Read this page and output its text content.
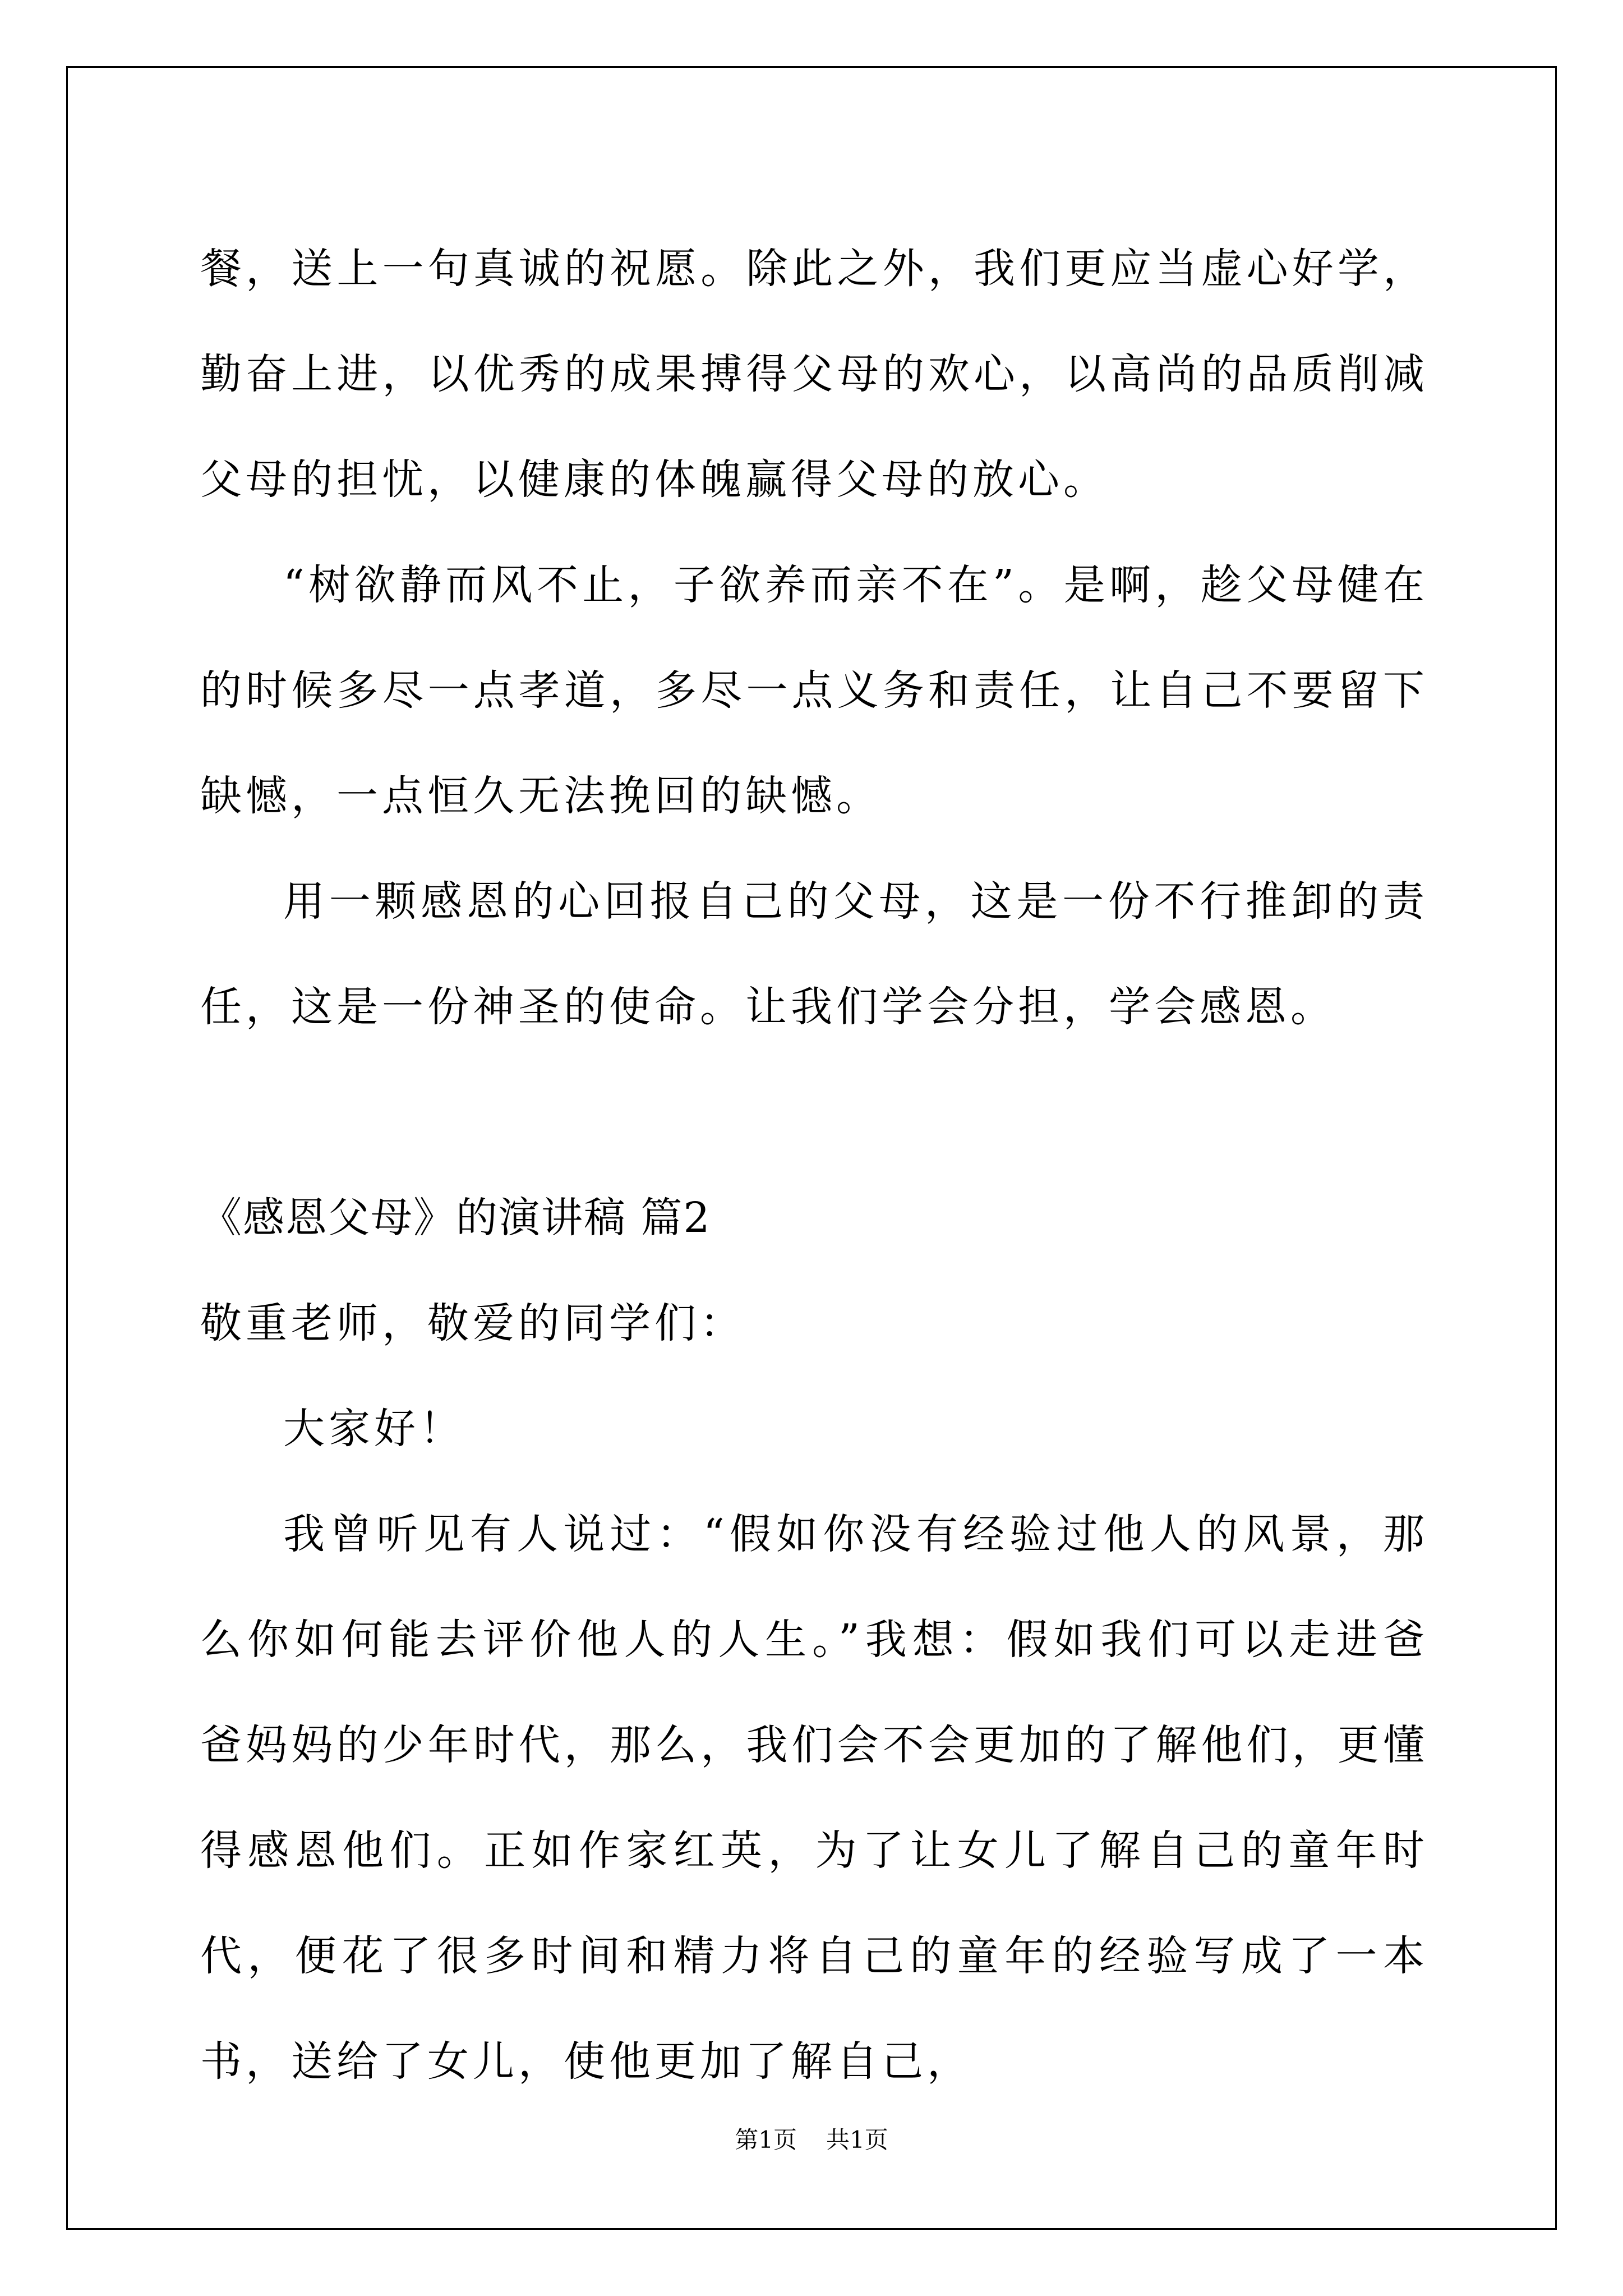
餐，送上一句真诚的祝愿。除此之外，我们更应当虚心好学，勤奋上进，以优秀的成果搏得父母的欢心，以高尚的品质削减父母的担忧，以健康的体魄赢得父母的放心。

“树欲静而风不止，子欲养而亲不在”。是啊，趁父母健在的时候多尽一点孝道，多尽一点义务和责任，让自己不要留下缺憾，一点恒久无法挽回的缺憾。

用一颗感恩的心回报自己的父母，这是一份不行推卸的责任，这是一份神圣的使命。让我们学会分担，学会感恩。

《感恩父母》的演讲稿 篇2

敬重老师，敬爱的同学们：

大家好！

我曾听见有人说过：“假如你没有经验过他人的风景，那么你如何能去评价他人的人生。”我想：假如我们可以走进爸爸妈妈的少年时代，那么，我们会不会更加的了解他们，更懂得感恩他们。正如作家红英，为了让女儿了解自己的童年时代，便花了很多时间和精力将自己的童年的经验写成了一本书，送给了女儿，使他更加了解自己，

第1页 共1页
